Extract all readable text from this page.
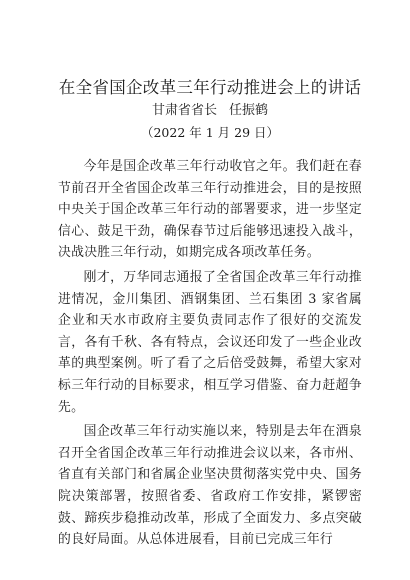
在全省国企改革三年行动推进会上的讲话
甘肃省省长 任振鹤
（2022 年 1 月 29 日）

今年是国企改革三年行动收官之年。我们赶在春节前召开全省国企改革三年行动推进会，目的是按照中央关于国企改革三年行动的部署要求，进一步坚定信心、鼓足干劲，确保春节过后能够迅速投入战斗，决战决胜三年行动，如期完成各项改革任务。

刚才，万华同志通报了全省国企改革三年行动推进情况，金川集团、酒钢集团、兰石集团 3 家省属企业和天水市政府主要负责同志作了很好的交流发言，各有千秋、各有特点，会议还印发了一些企业改革的典型案例。听了看了之后倍受鼓舞，希望大家对标三年行动的目标要求，相互学习借鉴、奋力赶超争先。

国企改革三年行动实施以来，特别是去年在酒泉召开全省国企改革三年行动推进会议以来，各市州、省直有关部门和省属企业坚决贯彻落实党中央、国务院决策部署，按照省委、省政府工作安排，紧锣密鼓、蹄疾步稳推动改革，形成了全面发力、多点突破的良好局面。从总体进展看，目前已完成三年行
